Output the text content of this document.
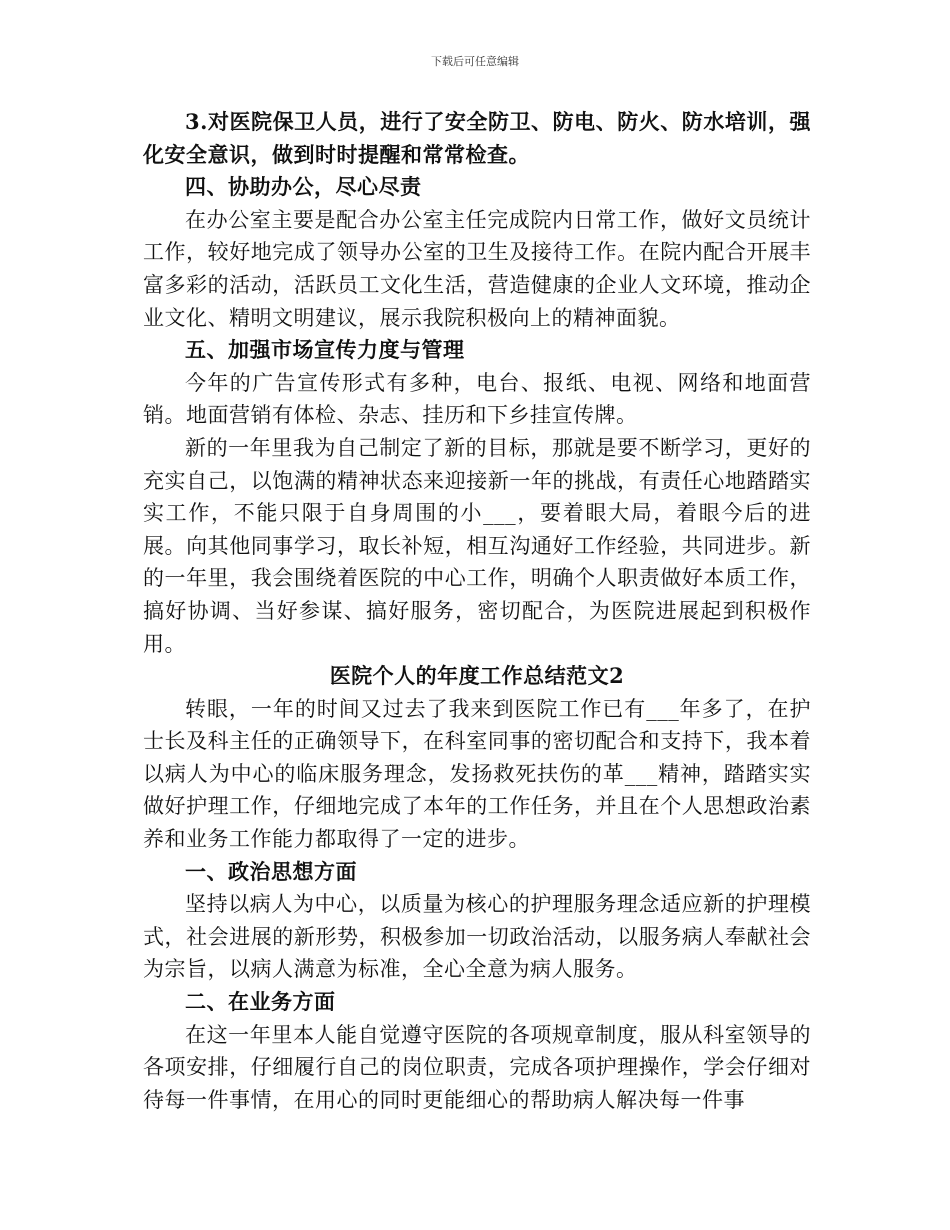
下载后可任意编辑

3.对医院保卫人员，进行了安全防卫、防电、防火、防水培训，强化安全意识，做到时时提醒和常常检查。

四、协助办公，尽心尽责

在办公室主要是配合办公室主任完成院内日常工作，做好文员统计工作，较好地完成了领导办公室的卫生及接待工作。在院内配合开展丰富多彩的活动，活跃员工文化生活，营造健康的企业人文环境，推动企业文化、精明文明建议，展示我院积极向上的精神面貌。

五、加强市场宣传力度与管理

今年的广告宣传形式有多种，电台、报纸、电视、网络和地面营销。地面营销有体检、杂志、挂历和下乡挂宣传牌。

新的一年里我为自己制定了新的目标，那就是要不断学习，更好的充实自己，以饱满的精神状态来迎接新一年的挑战，有责任心地踏踏实实工作，不能只限于自身周围的小___，要着眼大局，着眼今后的进展。向其他同事学习，取长补短，相互沟通好工作经验，共同进步。新的一年里，我会围绕着医院的中心工作，明确个人职责做好本质工作，搞好协调、当好参谋、搞好服务，密切配合，为医院进展起到积极作用。

医院个人的年度工作总结范文2

转眼，一年的时间又过去了我来到医院工作已有___年多了，在护士长及科主任的正确领导下，在科室同事的密切配合和支持下，我本着以病人为中心的临床服务理念，发扬救死扶伤的革___精神，踏踏实实做好护理工作，仔细地完成了本年的工作任务，并且在个人思想政治素养和业务工作能力都取得了一定的进步。

一、政治思想方面

坚持以病人为中心，以质量为核心的护理服务理念适应新的护理模式，社会进展的新形势，积极参加一切政治活动，以服务病人奉献社会为宗旨，以病人满意为标准，全心全意为病人服务。

二、在业务方面

在这一年里本人能自觉遵守医院的各项规章制度，服从科室领导的各项安排，仔细履行自己的岗位职责，完成各项护理操作，学会仔细对待每一件事情，在用心的同时更能细心的帮助病人解决每一件事
